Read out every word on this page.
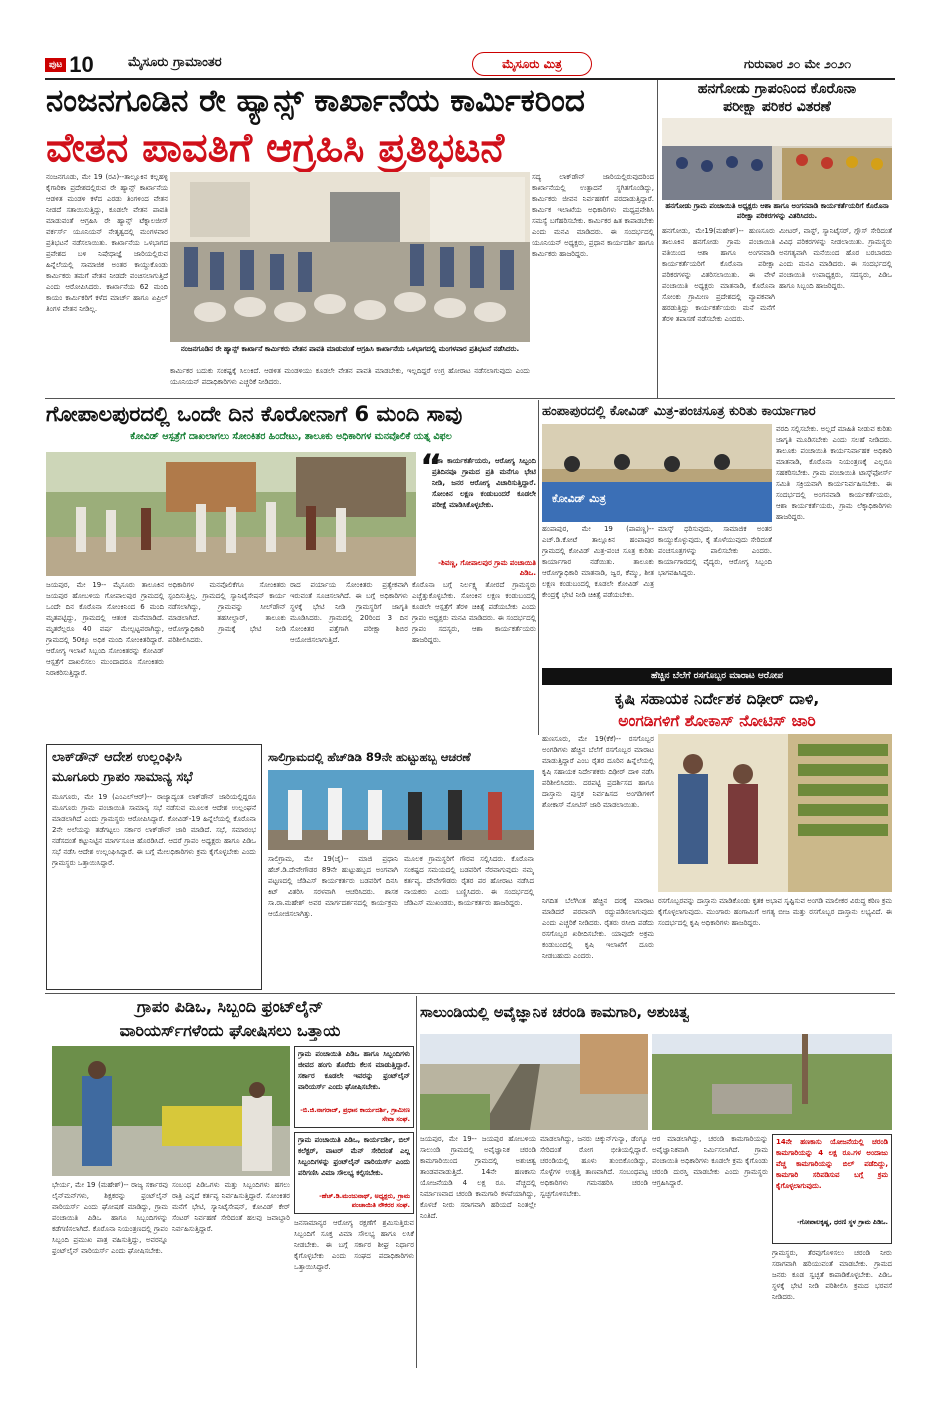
ಪುಟ 10	ಮೈಸೂರು ಗ್ರಾಮಾಂತರ	ಮೈಸೂರು ಮಿತ್ರ	ಗುರುವಾರ ೨೦ ಮೇ ೨೦೨೧
ನಂಜನಗೂಡಿನ ರೇ ಹ್ಯಾನ್ಸ್ ಕಾರ್ಖಾನೆಯ ಕಾರ್ಮಿಕರಿಂದ
ವೇತನ ಪಾವತಿಗೆ ಆಗ್ರಹಿಸಿ ಪ್ರತಿಭಟನೆ

ನಂಜನಗೂಡು, ಮೇ 19 (ರವಿ)--ತಾಲ್ಲೂಕಿನ ಕಲ್ಲಹಳ್ಳಿ ಕೈಗಾರಿಕಾ ಪ್ರದೇಶದಲ್ಲಿರುವ ರೇ ಹ್ಯಾನ್ಸ್ ಕಾರ್ಖಾನೆಯ ಆಡಳಿತ ಮಂಡಳಿ ಕಳೆದ ಎರಡು ತಿಂಗಳಿಂದ ವೇತನ ನೀಡದೆ ಸತಾಯಿಸುತ್ತಿದ್ದು, ಕೂಡಲೇ ವೇತನ ಪಾವತಿ ಮಾಡುವಂತೆ ಆಗ್ರಹಿಸಿ ರೇ ಹ್ಯಾನ್ಸ್ ಟೆಕ್ನಾಲಜೀಸ್ ವರ್ಕರ್ಸ್ ಯೂನಿಯನ್ ನೇತೃತ್ವದಲ್ಲಿ ಮಂಗಳವಾರ ಪ್ರತಿಭಟನೆ ನಡೆಸಲಾಯಿತು. ಕಾರ್ಖಾನೆಯ ಒಳಭಾಗದ ಪ್ರವೇಶದ ಬಳಿ ನಿಷೇಧಾಜ್ಞೆ ಜಾರಿಯಲ್ಲಿರುವ ಹಿನ್ನೆಲೆಯಲ್ಲಿ ಸಾಮಾಜಿಕ ಅಂತರ ಕಾಯ್ದುಕೊಂಡು ಕಾರ್ಮಿಕರು ತಮಗೆ ವೇತನ ನೀಡದೇ ವಂಚಿಸಲಾಗುತ್ತಿದೆ ಎಂದು ಆರೋಪಿಸಿದರು. ಕಾರ್ಖಾನೆಯ 62 ಮಂದಿ ಕಾಯಂ ಕಾರ್ಮಿಕರಿಗೆ ಕಳೆದ ಮಾರ್ಚ್ ಹಾಗೂ ಏಪ್ರಿಲ್ ತಿಂಗಳ ವೇತನ ನೀಡಿಲ್ಲ.

ನಂಜನಗೂಡಿನ ರೇ ಹ್ಯಾನ್ಸ್ ಕಾರ್ಖಾನೆ ಕಾರ್ಮಿಕರು ವೇತನ ಪಾವತಿ ಮಾಡುವಂತೆ ಆಗ್ರಹಿಸಿ ಕಾರ್ಖಾನೆಯ ಒಳಭಾಗದಲ್ಲಿ ಮಂಗಳವಾರ ಪ್ರತಿಭಟನೆ ನಡೆಸಿದರು.

ಕಾರ್ಮಿಕರ ಬದುಕು ಸಂಕಷ್ಟಕ್ಕೆ ಸಿಲುಕಿದೆ. ಆಡಳಿತ ಮಂಡಳಿಯು ಕೂಡಲೇ ವೇತನ ಪಾವತಿ ಮಾಡಬೇಕು, ಇಲ್ಲದಿದ್ದರೆ ಉಗ್ರ ಹೋರಾಟ ನಡೆಸಲಾಗುವುದು ಎಂದು ಯೂನಿಯನ್ ಪದಾಧಿಕಾರಿಗಳು ಎಚ್ಚರಿಕೆ ನೀಡಿದರು.

ಸದ್ಯ ಲಾಕ್‌ಡೌನ್ ಜಾರಿಯಲ್ಲಿರುವುದರಿಂದ ಕಾರ್ಖಾನೆಯಲ್ಲಿ ಉತ್ಪಾದನೆ ಸ್ಥಗಿತಗೊಂಡಿದ್ದು, ಕಾರ್ಮಿಕರು ಜೀವನ ನಿರ್ವಹಣೆಗೆ ಪರದಾಡುತ್ತಿದ್ದಾರೆ. ಕಾರ್ಮಿಕ ಇಲಾಖೆಯ ಅಧಿಕಾರಿಗಳು ಮಧ್ಯಪ್ರವೇಶಿಸಿ ಸಮಸ್ಯೆ ಬಗೆಹರಿಸಬೇಕು. ಕಾರ್ಮಿಕರ ಹಿತ ಕಾಪಾಡಬೇಕು ಎಂದು ಮನವಿ ಮಾಡಿದರು. ಈ ಸಂದರ್ಭದಲ್ಲಿ ಯೂನಿಯನ್ ಅಧ್ಯಕ್ಷರು, ಪ್ರಧಾನ ಕಾರ್ಯದರ್ಶಿ ಹಾಗೂ ಕಾರ್ಮಿಕರು ಹಾಜರಿದ್ದರು.

ಹನಗೋಡು ಗ್ರಾಪಂನಿಂದ ಕೊರೊನಾ
ಪರೀಕ್ಷಾ ಪರಿಕರ ವಿತರಣೆ
ಹನಗೋಡು ಗ್ರಾಮ ಪಂಚಾಯಿತಿ ಅಧ್ಯಕ್ಷರು ಆಶಾ ಹಾಗೂ ಅಂಗನವಾಡಿ ಕಾರ್ಯಕರ್ತೆಯರಿಗೆ ಕೊರೊನಾ ಪರೀಕ್ಷಾ ಪರಿಕರಗಳನ್ನು ವಿತರಿಸಿದರು.

ಹನಗೋಡು, ಮೇ19(ಮಹೇಶ್)-- ಹುಣಸೂರು ತಾಲೂಕಿನ ಹನಗೋಡು ಗ್ರಾಮ ಪಂಚಾಯಿತಿ ವತಿಯಿಂದ ಆಶಾ ಹಾಗೂ ಅಂಗನವಾಡಿ ಕಾರ್ಯಕರ್ತೆಯರಿಗೆ ಕೊರೊನಾ ಪರೀಕ್ಷಾ ಪರಿಕರಗಳನ್ನು ವಿತರಿಸಲಾಯಿತು. ಈ ವೇಳೆ ಪಂಚಾಯಿತಿ ಅಧ್ಯಕ್ಷರು ಮಾತನಾಡಿ, ಕೊರೊನಾ ಸೋಂಕು ಗ್ರಾಮೀಣ ಪ್ರದೇಶದಲ್ಲಿ ವ್ಯಾಪಕವಾಗಿ ಹರಡುತ್ತಿದ್ದು ಕಾರ್ಯಕರ್ತೆಯರು ಮನೆ ಮನೆಗೆ ತೆರಳಿ ತಪಾಸಣೆ ನಡೆಸಬೇಕು ಎಂದರು.

ಮೀಟರ್, ವಾಸ್ಟ್, ಸ್ಯಾನಿಟೈಸರ್, ಗ್ಲೌಸ್ ಸೇರಿದಂತೆ ವಿವಿಧ ಪರಿಕರಗಳನ್ನು ನೀಡಲಾಯಿತು. ಗ್ರಾಮಸ್ಥರು ಅನಗತ್ಯವಾಗಿ ಮನೆಯಿಂದ ಹೊರ ಬರಬಾರದು ಎಂದು ಮನವಿ ಮಾಡಿದರು. ಈ ಸಂದರ್ಭದಲ್ಲಿ ಪಂಚಾಯಿತಿ ಉಪಾಧ್ಯಕ್ಷರು, ಸದಸ್ಯರು, ಪಿಡಿಒ ಹಾಗೂ ಸಿಬ್ಬಂದಿ ಹಾಜರಿದ್ದರು.

ಗೋಪಾಲಪುರದಲ್ಲಿ ಒಂದೇ ದಿನ ಕೊರೋನಾಗೆ 6 ಮಂದಿ ಸಾವು
ಕೋವಿಡ್ ಆಸ್ಪತ್ರೆಗೆ ದಾಖಲಾಗಲು ಸೋಂಕಿತರ ಹಿಂದೇಟು, ತಾಲೂಕು ಅಧಿಕಾರಿಗಳ ಮನವೊಲಿಕೆ ಯತ್ನ ವಿಫಲ
“

ಆಶಾ ಕಾರ್ಯಕರ್ತೆಯರು, ಆರೋಗ್ಯ ಸಿಬ್ಬಂದಿ ಪ್ರತಿದಿನವೂ ಗ್ರಾಮದ ಪ್ರತಿ ಮನೆಗೂ ಭೇಟಿ ನೀಡಿ, ಜನರ ಆರೋಗ್ಯ ವಿಚಾರಿಸುತ್ತಿದ್ದಾರೆ. ಸೋಂಕಿನ ಲಕ್ಷಣ ಕಂಡುಬಂದರೆ ಕೂಡಲೇ ಪರೀಕ್ಷೆ ಮಾಡಿಸಿಕೊಳ್ಳಬೇಕು.

-ಶಿವಣ್ಣ, ಗೋಪಾಲಪುರ ಗ್ರಾಮ ಪಂಚಾಯಿತಿ ಪಿಡಿಒ.

ಜಯಪುರ, ಮೇ 19-- ಮೈಸೂರು ತಾಲೂಕಿನ ಜಯಪುರ ಹೋಬಳಿಯ ಗೋಪಾಲಪುರ ಗ್ರಾಮದಲ್ಲಿ ಒಂದೇ ದಿನ ಕೊರೊನಾ ಸೋಂಕಿನಿಂದ 6 ಮಂದಿ ಮೃತಪಟ್ಟಿದ್ದು, ಗ್ರಾಮದಲ್ಲಿ ಆತಂಕ ಮನೆಮಾಡಿದೆ. ಮೃತರೆಲ್ಲರೂ 40 ವರ್ಷ ಮೇಲ್ಪಟ್ಟವರಾಗಿದ್ದು, ಗ್ರಾಮದಲ್ಲಿ 50ಕ್ಕೂ ಅಧಿಕ ಮಂದಿ ಸೋಂಕಿತರಿದ್ದಾರೆ. ಆರೋಗ್ಯ ಇಲಾಖೆ ಸಿಬ್ಬಂದಿ ಸೋಂಕಿತರನ್ನು ಕೋವಿಡ್ ಆಸ್ಪತ್ರೆಗೆ ದಾಖಲಿಸಲು ಮುಂದಾದರೂ ಸೋಂಕಿತರು ನಿರಾಕರಿಸುತ್ತಿದ್ದಾರೆ.

ಅಧಿಕಾರಿಗಳ ಮನವೊಲಿಕೆಗೂ ಸೋಂಕಿತರು ಸ್ಪಂದಿಸುತ್ತಿಲ್ಲ. ಗ್ರಾಮದಲ್ಲಿ ಸ್ಯಾನಿಟೈಸೇಷನ್ ಕಾರ್ಯ ನಡೆಸಲಾಗಿದ್ದು, ಗ್ರಾಮವನ್ನು ಸೀಲ್‌ಡೌನ್ ಮಾಡಲಾಗಿದೆ. ತಹಸೀಲ್ದಾರ್, ತಾಲೂಕು ಆರೋಗ್ಯಾಧಿಕಾರಿ ಗ್ರಾಮಕ್ಕೆ ಭೇಟಿ ನೀಡಿ ಪರಿಶೀಲಿಸಿದರು.

ರಾದ ಪರ್ಯಾಯ ಸೋಂಕಿತರು ಪ್ರತ್ಯೇಕವಾಗಿ ಇರುವಂತೆ ಸೂಚಿಸಲಾಗಿದೆ. ಈ ಬಗ್ಗೆ ಅಧಿಕಾರಿಗಳು ಸ್ಥಳಕ್ಕೆ ಭೇಟಿ ನೀಡಿ ಗ್ರಾಮಸ್ಥರಿಗೆ ಜಾಗೃತಿ ಮೂಡಿಸಿದರು. ಗ್ರಾಮದಲ್ಲಿ 20ರಿಂದ 3 ದಿನ ಸೋಂಕಿತರ ಪತ್ತೆಗಾಗಿ ಪರೀಕ್ಷಾ ಶಿಬಿರ ಆಯೋಜಿಸಲಾಗುತ್ತಿದೆ.

ಕೊರೊನಾ ಬಗ್ಗೆ ನಿರ್ಲಕ್ಷ್ಯ ತೋರದೆ ಗ್ರಾಮಸ್ಥರು ಎಚ್ಚೆತ್ತುಕೊಳ್ಳಬೇಕು. ಸೋಂಕಿನ ಲಕ್ಷಣ ಕಂಡುಬಂದಲ್ಲಿ ಕೂಡಲೇ ಆಸ್ಪತ್ರೆಗೆ ತೆರಳಿ ಚಿಕಿತ್ಸೆ ಪಡೆಯಬೇಕು ಎಂದು ಗ್ರಾಪಂ ಅಧ್ಯಕ್ಷರು ಮನವಿ ಮಾಡಿದರು. ಈ ಸಂದರ್ಭದಲ್ಲಿ ಗ್ರಾಪಂ ಸದಸ್ಯರು, ಆಶಾ ಕಾರ್ಯಕರ್ತೆಯರು ಹಾಜರಿದ್ದರು.

ಹಂಪಾಪುರದಲ್ಲಿ ಕೋವಿಡ್ ಮಿತ್ರ-ಪಂಚಸೂತ್ರ ಕುರಿತು ಕಾರ್ಯಾಗಾರ
ಕೋವಿಡ್ ಮಿತ್ರ

ಹಂಪಾಪುರ, ಮೇ 19 (ಪಾಪಣ್ಣ)-- ಎಚ್.ಡಿ.ಕೋಟೆ ತಾಲ್ಲೂಕಿನ ಹಂಪಾಪುರ ಗ್ರಾಮದಲ್ಲಿ ಕೋವಿಡ್ ಮಿತ್ರ-ಪಂಚ ಸೂತ್ರ ಕುರಿತು ಕಾರ್ಯಾಗಾರ ನಡೆಯಿತು. ತಾಲೂಕು ಆರೋಗ್ಯಾಧಿಕಾರಿ ಮಾತನಾಡಿ, ಜ್ವರ, ಕೆಮ್ಮು, ಶೀತ ಲಕ್ಷಣ ಕಂಡುಬಂದಲ್ಲಿ ಕೂಡಲೇ ಕೋವಿಡ್ ಮಿತ್ರ ಕೇಂದ್ರಕ್ಕೆ ಭೇಟಿ ನೀಡಿ ಚಿಕಿತ್ಸೆ ಪಡೆಯಬೇಕು.

ಮಾಸ್ಕ್ ಧರಿಸುವುದು, ಸಾಮಾಜಿಕ ಅಂತರ ಕಾಯ್ದುಕೊಳ್ಳುವುದು, ಕೈ ತೊಳೆಯುವುದು ಸೇರಿದಂತೆ ಪಂಚಸೂತ್ರಗಳನ್ನು ಪಾಲಿಸಬೇಕು ಎಂದರು. ಕಾರ್ಯಾಗಾರದಲ್ಲಿ ವೈದ್ಯರು, ಆರೋಗ್ಯ ಸಿಬ್ಬಂದಿ ಭಾಗವಹಿಸಿದ್ದರು.

ವರದಿ ಸಲ್ಲಿಸಬೇಕು. ಅಲ್ಲದೆ ಮಾಹಿತಿ ನೀಡುವ ಕುರಿತು ಜಾಗೃತಿ ಮೂಡಿಸಬೇಕು ಎಂದು ಸಲಹೆ ನೀಡಿದರು. ತಾಲೂಕು ಪಂಚಾಯಿತಿ ಕಾರ್ಯನಿರ್ವಾಹಕ ಅಧಿಕಾರಿ ಮಾತನಾಡಿ, ಕೊರೊನಾ ನಿಯಂತ್ರಣಕ್ಕೆ ಎಲ್ಲರೂ ಸಹಕರಿಸಬೇಕು. ಗ್ರಾಮ ಪಂಚಾಯಿತಿ ಟಾಸ್ಕ್‌ಫೋರ್ಸ್ ಸಮಿತಿ ಸಕ್ರಿಯವಾಗಿ ಕಾರ್ಯನಿರ್ವಹಿಸಬೇಕು. ಈ ಸಂದರ್ಭದಲ್ಲಿ ಅಂಗನವಾಡಿ ಕಾರ್ಯಕರ್ತೆಯರು, ಆಶಾ ಕಾರ್ಯಕರ್ತೆಯರು, ಗ್ರಾಮ ಲೆಕ್ಕಾಧಿಕಾರಿಗಳು ಹಾಜರಿದ್ದರು.

ಹೆಚ್ಚಿನ ಬೆಲೆಗೆ ರಸಗೊಬ್ಬರ ಮಾರಾಟ ಆರೋಪ
ಕೃಷಿ ಸಹಾಯಕ ನಿರ್ದೇಶಕ ದಿಢೀರ್ ದಾಳಿ,
ಅಂಗಡಿಗಳಿಗೆ ಶೋಕಾಸ್ ನೋಟಿಸ್ ಜಾರಿ

ಹುಣಸೂರು, ಮೇ 19(ಕೆಕೆ)-- ರಸಗೊಬ್ಬರ ಅಂಗಡಿಗಳು ಹೆಚ್ಚಿನ ಬೆಲೆಗೆ ರಸಗೊಬ್ಬರ ಮಾರಾಟ ಮಾಡುತ್ತಿದ್ದಾರೆ ಎಂಬ ರೈತರ ದೂರಿನ ಹಿನ್ನೆಲೆಯಲ್ಲಿ ಕೃಷಿ ಸಹಾಯಕ ನಿರ್ದೇಶಕರು ದಿಢೀರ್ ದಾಳಿ ನಡೆಸಿ ಪರಿಶೀಲಿಸಿದರು. ದರಪಟ್ಟಿ ಪ್ರದರ್ಶಿಸದ ಹಾಗೂ ದಾಸ್ತಾನು ಪುಸ್ತಕ ನಿರ್ವಹಿಸದ ಅಂಗಡಿಗಳಿಗೆ ಶೋಕಾಸ್ ನೋಟಿಸ್ ಜಾರಿ ಮಾಡಲಾಯಿತು.

ನಿಗದಿತ ಬೆಲೆಗಿಂತ ಹೆಚ್ಚಿನ ದರಕ್ಕೆ ಮಾರಾಟ ಮಾಡಿದರೆ ಪರವಾನಗಿ ರದ್ದುಪಡಿಸಲಾಗುವುದು ಎಂದು ಎಚ್ಚರಿಕೆ ನೀಡಿದರು. ರೈತರು ರಸೀದಿ ಪಡೆದು ರಸಗೊಬ್ಬರ ಖರೀದಿಸಬೇಕು. ಯಾವುದೇ ಅಕ್ರಮ ಕಂಡುಬಂದಲ್ಲಿ ಕೃಷಿ ಇಲಾಖೆಗೆ ದೂರು ನೀಡಬಹುದು ಎಂದರು.

ರಸಗೊಬ್ಬರವನ್ನು ದಾಸ್ತಾನು ಮಾಡಿಕೊಂಡು ಕೃತಕ ಅಭಾವ ಸೃಷ್ಟಿಸುವ ಅಂಗಡಿ ಮಾಲೀಕರ ವಿರುದ್ಧ ಕಠಿಣ ಕ್ರಮ ಕೈಗೊಳ್ಳಲಾಗುವುದು. ಮುಂಗಾರು ಹಂಗಾಮಿಗೆ ಅಗತ್ಯ ಬೀಜ ಮತ್ತು ರಸಗೊಬ್ಬರ ದಾಸ್ತಾನು ಲಭ್ಯವಿದೆ. ಈ ಸಂದರ್ಭದಲ್ಲಿ ಕೃಷಿ ಅಧಿಕಾರಿಗಳು ಹಾಜರಿದ್ದರು.

ಲಾಕ್‌ಡೌನ್ ಆದೇಶ ಉಲ್ಲಂಘಿಸಿ
ಮೂಗೂರು ಗ್ರಾಪಂ ಸಾಮಾನ್ಯ ಸಭೆ

ಮೂಗೂರು, ಮೇ 19 (ಎಂಎಲ್‌ಆರ್)-- ರಾಜ್ಯಾದ್ಯಂತ ಲಾಕ್‌ಡೌನ್ ಜಾರಿಯಲ್ಲಿದ್ದರೂ ಮೂಗೂರು ಗ್ರಾಮ ಪಂಚಾಯಿತಿ ಸಾಮಾನ್ಯ ಸಭೆ ನಡೆಸುವ ಮೂಲಕ ಆದೇಶ ಉಲ್ಲಂಘನೆ ಮಾಡಲಾಗಿದೆ ಎಂದು ಗ್ರಾಮಸ್ಥರು ಆರೋಪಿಸಿದ್ದಾರೆ. ಕೋವಿಡ್-19 ಹಿನ್ನೆಲೆಯಲ್ಲಿ ಕೊರೊನಾ 2ನೇ ಅಲೆಯನ್ನು ತಡೆಗಟ್ಟಲು ಸರ್ಕಾರ ಲಾಕ್‌ಡೌನ್ ಜಾರಿ ಮಾಡಿದೆ. ಸಭೆ, ಸಮಾರಂಭ ನಡೆಸದಂತೆ ಕಟ್ಟುನಿಟ್ಟಿನ ಮಾರ್ಗಸೂಚಿ ಹೊರಡಿಸಿದೆ. ಆದರೆ ಗ್ರಾಪಂ ಅಧ್ಯಕ್ಷರು ಹಾಗೂ ಪಿಡಿಒ ಸಭೆ ನಡೆಸಿ ಆದೇಶ ಉಲ್ಲಂಘಿಸಿದ್ದಾರೆ. ಈ ಬಗ್ಗೆ ಮೇಲಧಿಕಾರಿಗಳು ಕ್ರಮ ಕೈಗೊಳ್ಳಬೇಕು ಎಂದು ಗ್ರಾಮಸ್ಥರು ಒತ್ತಾಯಿಸಿದ್ದಾರೆ.

ಸಾಲಿಗ್ರಾಮದಲ್ಲಿ ಹೆಚ್‌ಡಿಡಿ 89ನೇ ಹುಟ್ಟುಹಬ್ಬ ಆಚರಣೆ

ಸಾಲಿಗ್ರಾಮ, ಮೇ 19(ಜೈ)-- ಮಾಜಿ ಪ್ರಧಾನಿ ಹೆಚ್.ಡಿ.ದೇವೇಗೌಡರ 89ನೇ ಹುಟ್ಟುಹಬ್ಬದ ಅಂಗವಾಗಿ ಪಟ್ಟಣದಲ್ಲಿ ಜೆಡಿಎಸ್ ಕಾರ್ಯಕರ್ತರು ಬಡವರಿಗೆ ದಿನಸಿ ಕಿಟ್ ವಿತರಿಸಿ ಸರಳವಾಗಿ ಆಚರಿಸಿದರು. ಶಾಸಕ ಸಾ.ರಾ.ಮಹೇಶ್ ಅವರ ಮಾರ್ಗದರ್ಶನದಲ್ಲಿ ಕಾರ್ಯಕ್ರಮ ಆಯೋಜಿಸಲಾಗಿತ್ತು.

ಮೂಲಕ ಗ್ರಾಮಸ್ಥರಿಗೆ ಗೌರವ ಸಲ್ಲಿಸಿದರು. ಕೊರೊನಾ ಸಂಕಷ್ಟದ ಸಮಯದಲ್ಲಿ ಬಡವರಿಗೆ ನೆರವಾಗುವುದು ನಮ್ಮ ಕರ್ತವ್ಯ. ದೇವೇಗೌಡರು ರೈತರ ಪರ ಹೋರಾಟ ನಡೆಸಿದ ನಾಯಕರು ಎಂದು ಬಣ್ಣಿಸಿದರು. ಈ ಸಂದರ್ಭದಲ್ಲಿ ಜೆಡಿಎಸ್ ಮುಖಂಡರು, ಕಾರ್ಯಕರ್ತರು ಹಾಜರಿದ್ದರು.

ಗ್ರಾಪಂ ಪಿಡಿಒ, ಸಿಬ್ಬಂದಿ ಫ್ರಂಟ್‌ಲೈನ್
ವಾರಿಯರ್ಸ್‌ಗಳೆಂದು ಘೋಷಿಸಲು ಒತ್ತಾಯ

ಗ್ರಾಮ ಪಂಚಾಯಿತಿ ಪಿಡಿಒ ಹಾಗೂ ಸಿಬ್ಬಂದಿಗಳು ಜೀವದ ಹಂಗು ತೊರೆದು ಕೆಲಸ ಮಾಡುತ್ತಿದ್ದಾರೆ. ಸರ್ಕಾರ ಕೂಡಲೇ ಇವರನ್ನು ಫ್ರಂಟ್‌ಲೈನ್ ವಾರಿಯರ್ಸ್ ಎಂದು ಘೋಷಿಸಬೇಕು.

-ಬಿ.ಜಿ.ನಾಗರಾಜ್, ಪ್ರಧಾನ ಕಾರ್ಯದರ್ಶಿ, ಗ್ರಾಮೀಣ ಸೇವಾ ಸಂಘ.

ಗ್ರಾಮ ಪಂಚಾಯಿತಿ ಪಿಡಿಒ, ಕಾರ್ಯದರ್ಶಿ, ಬಿಲ್ ಕಲೆಕ್ಟರ್, ವಾಟರ್ ಮೆನ್ ಸೇರಿದಂತೆ ಎಲ್ಲ ಸಿಬ್ಬಂದಿಗಳನ್ನು ಫ್ರಂಟ್‌ಲೈನ್ ವಾರಿಯರ್ಸ್ ಎಂದು ಪರಿಗಣಿಸಿ ವಿಮಾ ಸೌಲಭ್ಯ ಕಲ್ಪಿಸಬೇಕು.

-ಹೆಚ್.ಡಿ.ಮಂಜುನಾಥ್, ಅಧ್ಯಕ್ಷರು, ಗ್ರಾಮ ಪಂಚಾಯಿತಿ ನೌಕರರ ಸಂಘ.

ಭೇರ್ಯ, ಮೇ 19 (ಮಹೇಶ್)-- ರಾಜ್ಯ ಸರ್ಕಾರವು ಲೈನ್‌ಮನ್‌ಗಳು, ಶಿಕ್ಷಕರನ್ನು ಫ್ರಂಟ್‌ಲೈನ್ ವಾರಿಯರ್ಸ್ ಎಂದು ಘೋಷಣೆ ಮಾಡಿದ್ದು, ಗ್ರಾಮ ಪಂಚಾಯಿತಿ ಪಿಡಿಒ ಹಾಗೂ ಸಿಬ್ಬಂದಿಗಳನ್ನು ಕಡೆಗಣಿಸಲಾಗಿದೆ. ಕೊರೊನಾ ನಿಯಂತ್ರಣದಲ್ಲಿ ಗ್ರಾಪಂ ಸಿಬ್ಬಂದಿ ಪ್ರಮುಖ ಪಾತ್ರ ವಹಿಸುತ್ತಿದ್ದು, ಅವರನ್ನೂ ಫ್ರಂಟ್‌ಲೈನ್ ವಾರಿಯರ್ಸ್ ಎಂದು ಘೋಷಿಸಬೇಕು.

ಸಂಬಂಧ ಪಿಡಿಒಗಳು ಮತ್ತು ಸಿಬ್ಬಂದಿಗಳು ಹಗಲು ರಾತ್ರಿ ಎನ್ನದೆ ಕರ್ತವ್ಯ ನಿರ್ವಹಿಸುತ್ತಿದ್ದಾರೆ. ಸೋಂಕಿತರ ಮನೆಗೆ ಭೇಟಿ, ಸ್ಯಾನಿಟೈಸೇಷನ್, ಕೋವಿಡ್ ಕೇರ್ ಸೆಂಟರ್ ನಿರ್ವಹಣೆ ಸೇರಿದಂತೆ ಹಲವು ಜವಾಬ್ದಾರಿ ನಿರ್ವಹಿಸುತ್ತಿದ್ದಾರೆ.

ಜನಸಾಮಾನ್ಯರ ಆರೋಗ್ಯ ರಕ್ಷಣೆಗೆ ಶ್ರಮಿಸುತ್ತಿರುವ ಸಿಬ್ಬಂದಿಗೆ ಸೂಕ್ತ ವಿಮಾ ಸೌಲಭ್ಯ ಹಾಗೂ ಲಸಿಕೆ ನೀಡಬೇಕು. ಈ ಬಗ್ಗೆ ಸರ್ಕಾರ ಶೀಘ್ರ ನಿರ್ಧಾರ ಕೈಗೊಳ್ಳಬೇಕು ಎಂದು ಸಂಘದ ಪದಾಧಿಕಾರಿಗಳು ಒತ್ತಾಯಿಸಿದ್ದಾರೆ.

ಸಾಲುಂಡಿಯಲ್ಲಿ ಅವೈಜ್ಞಾನಿಕ ಚರಂಡಿ ಕಾಮಗಾರಿ, ಅಶುಚಿತ್ವ

ಜಯಪುರ, ಮೇ 19-- ಜಯಪುರ ಹೋಬಳಿಯ ಸಾಲುಂಡಿ ಗ್ರಾಮದಲ್ಲಿ ಅವೈಜ್ಞಾನಿಕ ಚರಂಡಿ ಕಾಮಗಾರಿಯಿಂದ ಗ್ರಾಮದಲ್ಲಿ ಅಶುಚಿತ್ವ ತಾಂಡವವಾಡುತ್ತಿದೆ. 14ನೇ ಹಣಕಾಸು ಯೋಜನೆಯಡಿ 4 ಲಕ್ಷ ರೂ. ವೆಚ್ಚದಲ್ಲಿ ನಿರ್ಮಾಣವಾದ ಚರಂಡಿ ಕಾಮಗಾರಿ ಕಳಪೆಯಾಗಿದ್ದು, ಕೊಳಚೆ ನೀರು ಸರಾಗವಾಗಿ ಹರಿಯದೆ ನಿಂತಲ್ಲೇ ನಿಂತಿದೆ.

ಮಾಡಲಾಗಿದ್ದು, ಜನರು ಚಿಕ್ಕುನ್‌ಗುನ್ಯಾ, ಡೆಂಗ್ಯೂ ಸೇರಿದಂತೆ ರೋಗ ಭೀತಿಯಲ್ಲಿದ್ದಾರೆ. ಚರಂಡಿಯಲ್ಲಿ ಹೂಳು ತುಂಬಿಕೊಂಡಿದ್ದು, ಸೊಳ್ಳೆಗಳ ಉತ್ಪತ್ತಿ ತಾಣವಾಗಿದೆ. ಸಂಬಂಧಪಟ್ಟ ಅಧಿಕಾರಿಗಳು ಗಮನಹರಿಸಿ ಚರಂಡಿ ಸ್ವಚ್ಛಗೊಳಿಸಬೇಕು.

ಆರ ಮಾಡಲಾಗಿದ್ದು, ಚರಂಡಿ ಕಾಮಗಾರಿಯನ್ನು ಅವೈಜ್ಞಾನಿಕವಾಗಿ ನಿರ್ಮಿಸಲಾಗಿದೆ. ಗ್ರಾಮ ಪಂಚಾಯಿತಿ ಅಧಿಕಾರಿಗಳು ಕೂಡಲೇ ಕ್ರಮ ಕೈಗೊಂಡು ಚರಂಡಿ ದುರಸ್ತಿ ಮಾಡಬೇಕು ಎಂದು ಗ್ರಾಮಸ್ಥರು ಆಗ್ರಹಿಸಿದ್ದಾರೆ.

14ನೇ ಹಣಕಾಸು ಯೋಜನೆಯಲ್ಲಿ ಚರಂಡಿ ಕಾಮಗಾರಿಯನ್ನು 4 ಲಕ್ಷ ರೂ.ಗಳ ಅಂದಾಜು ವೆಚ್ಚ ಕಾಮಗಾರಿಯನ್ನು ಬಿಲ್ ಪಡೆದಿದ್ದು, ಕಾಮಗಾರಿ ಸರಿಪಡಿಸುವ ಬಗ್ಗೆ ಕ್ರಮ ಕೈಗೊಳ್ಳಲಾಗುವುದು.

-ಗೋಪಾಲಕೃಷ್ಣ, ಧರಣಿ ಸ್ಥಳ ಗ್ರಾಮ ಪಿಡಿಒ.

ಗ್ರಾಮಸ್ಥರು, ತೆರವುಗೊಳಿಸಲು ಚರಂಡಿ ನೀರು ಸರಾಗವಾಗಿ ಹರಿಯುವಂತೆ ಮಾಡಬೇಕು. ಗ್ರಾಮದ ಜನರು ಕೂಡ ಸ್ವಚ್ಛತೆ ಕಾಪಾಡಿಕೊಳ್ಳಬೇಕು. ಪಿಡಿಒ ಸ್ಥಳಕ್ಕೆ ಭೇಟಿ ನೀಡಿ ಪರಿಶೀಲಿಸಿ ಕ್ರಮದ ಭರವಸೆ ನೀಡಿದರು.
